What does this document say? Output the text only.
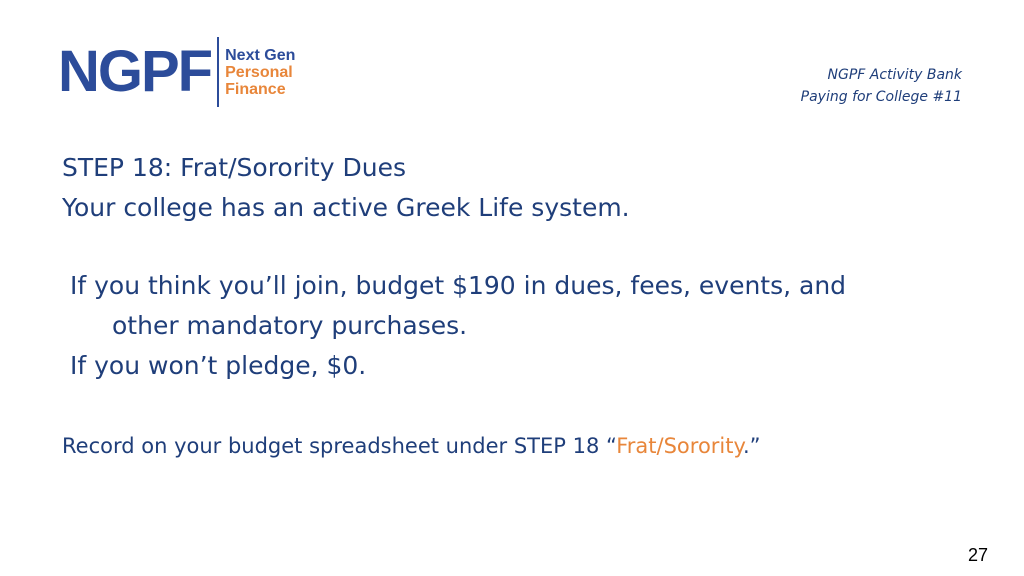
NGPF Next Gen
Personal
Finance
NGPF Activity Bank
Paying for College #11
STEP 18: Frat/Sorority Dues
Your college has an active Greek Life system.
If you think you’ll join, budget $190 in dues, fees, events, and
other mandatory purchases.
If you won’t pledge, $0.
Record on your budget spreadsheet under STEP 18 “Frat/Sorority.”
27
